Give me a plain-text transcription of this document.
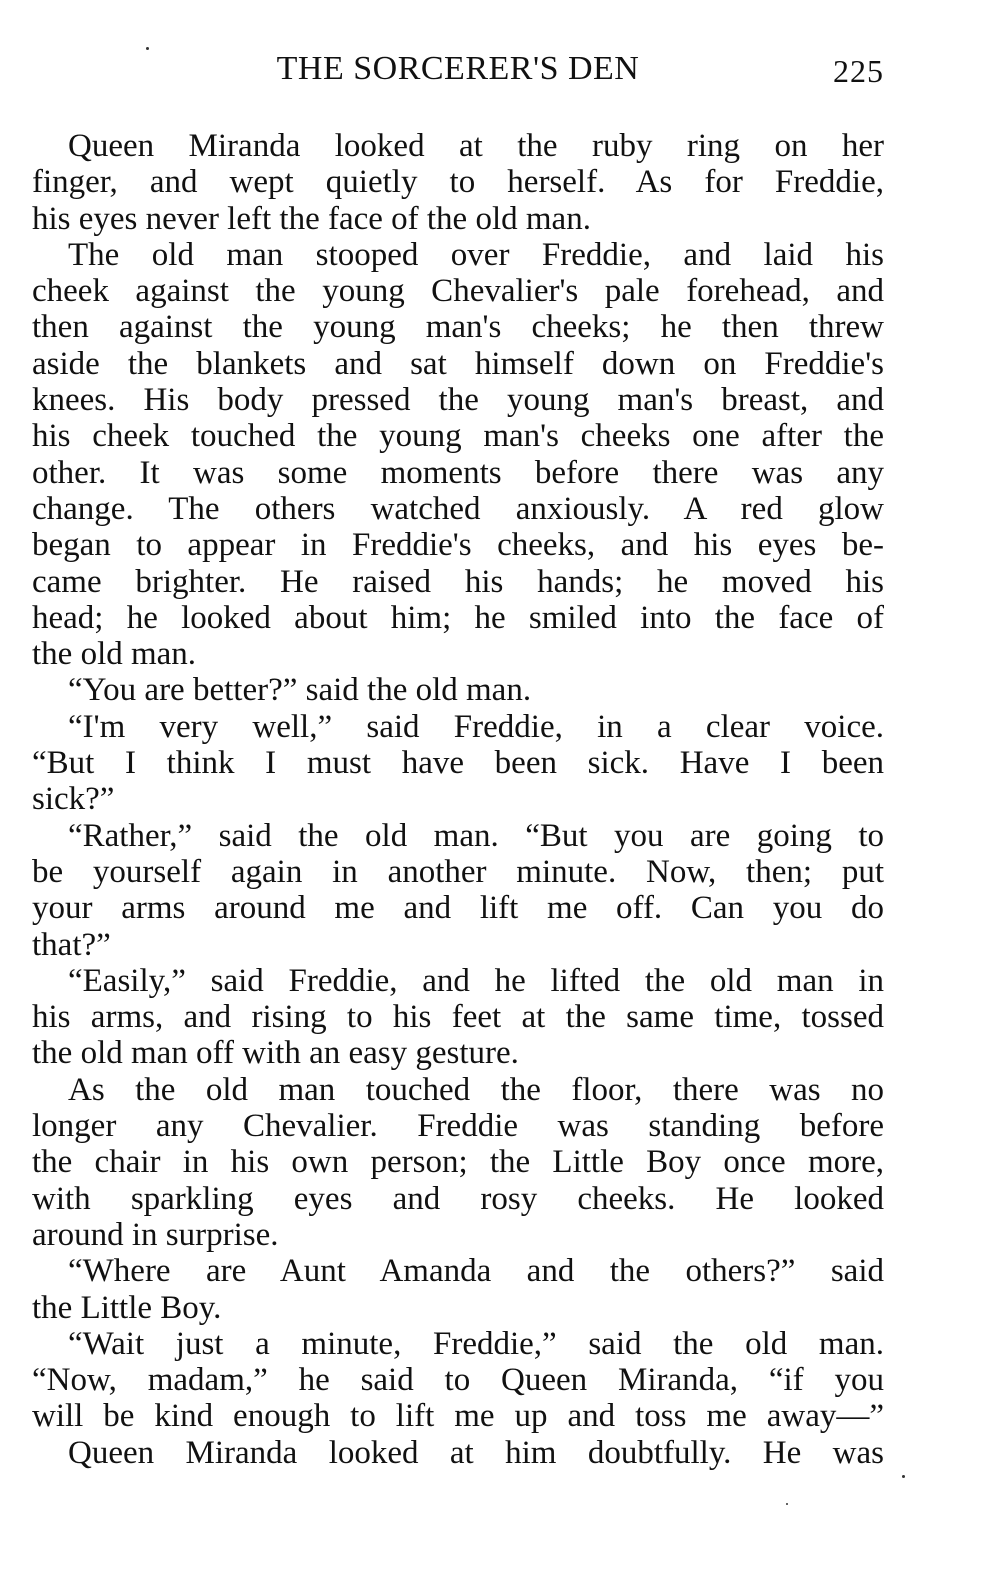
THE SORCERER'S DEN	225
Queen Miranda looked at the ruby ring on her
finger, and wept quietly to herself. As for Freddie,
his eyes never left the face of the old man.
The old man stooped over Freddie, and laid his
cheek against the young Chevalier's pale forehead, and
then against the young man's cheeks; he then threw
aside the blankets and sat himself down on Freddie's
knees. His body pressed the young man's breast, and
his cheek touched the young man's cheeks one after the
other. It was some moments before there was any
change. The others watched anxiously. A red glow
began to appear in Freddie's cheeks, and his eyes be-
came brighter. He raised his hands; he moved his
head; he looked about him; he smiled into the face of
the old man.
“You are better?” said the old man.
“I'm very well,” said Freddie, in a clear voice.
“But I think I must have been sick. Have I been
sick?”
“Rather,” said the old man. “But you are going to
be yourself again in another minute. Now, then; put
your arms around me and lift me off. Can you do
that?”
“Easily,” said Freddie, and he lifted the old man in
his arms, and rising to his feet at the same time, tossed
the old man off with an easy gesture.
As the old man touched the floor, there was no
longer any Chevalier. Freddie was standing before
the chair in his own person; the Little Boy once more,
with sparkling eyes and rosy cheeks. He looked
around in surprise.
“Where are Aunt Amanda and the others?” said
the Little Boy.
“Wait just a minute, Freddie,” said the old man.
“Now, madam,” he said to Queen Miranda, “if you
will be kind enough to lift me up and toss me away—”
Queen Miranda looked at him doubtfully. He was
